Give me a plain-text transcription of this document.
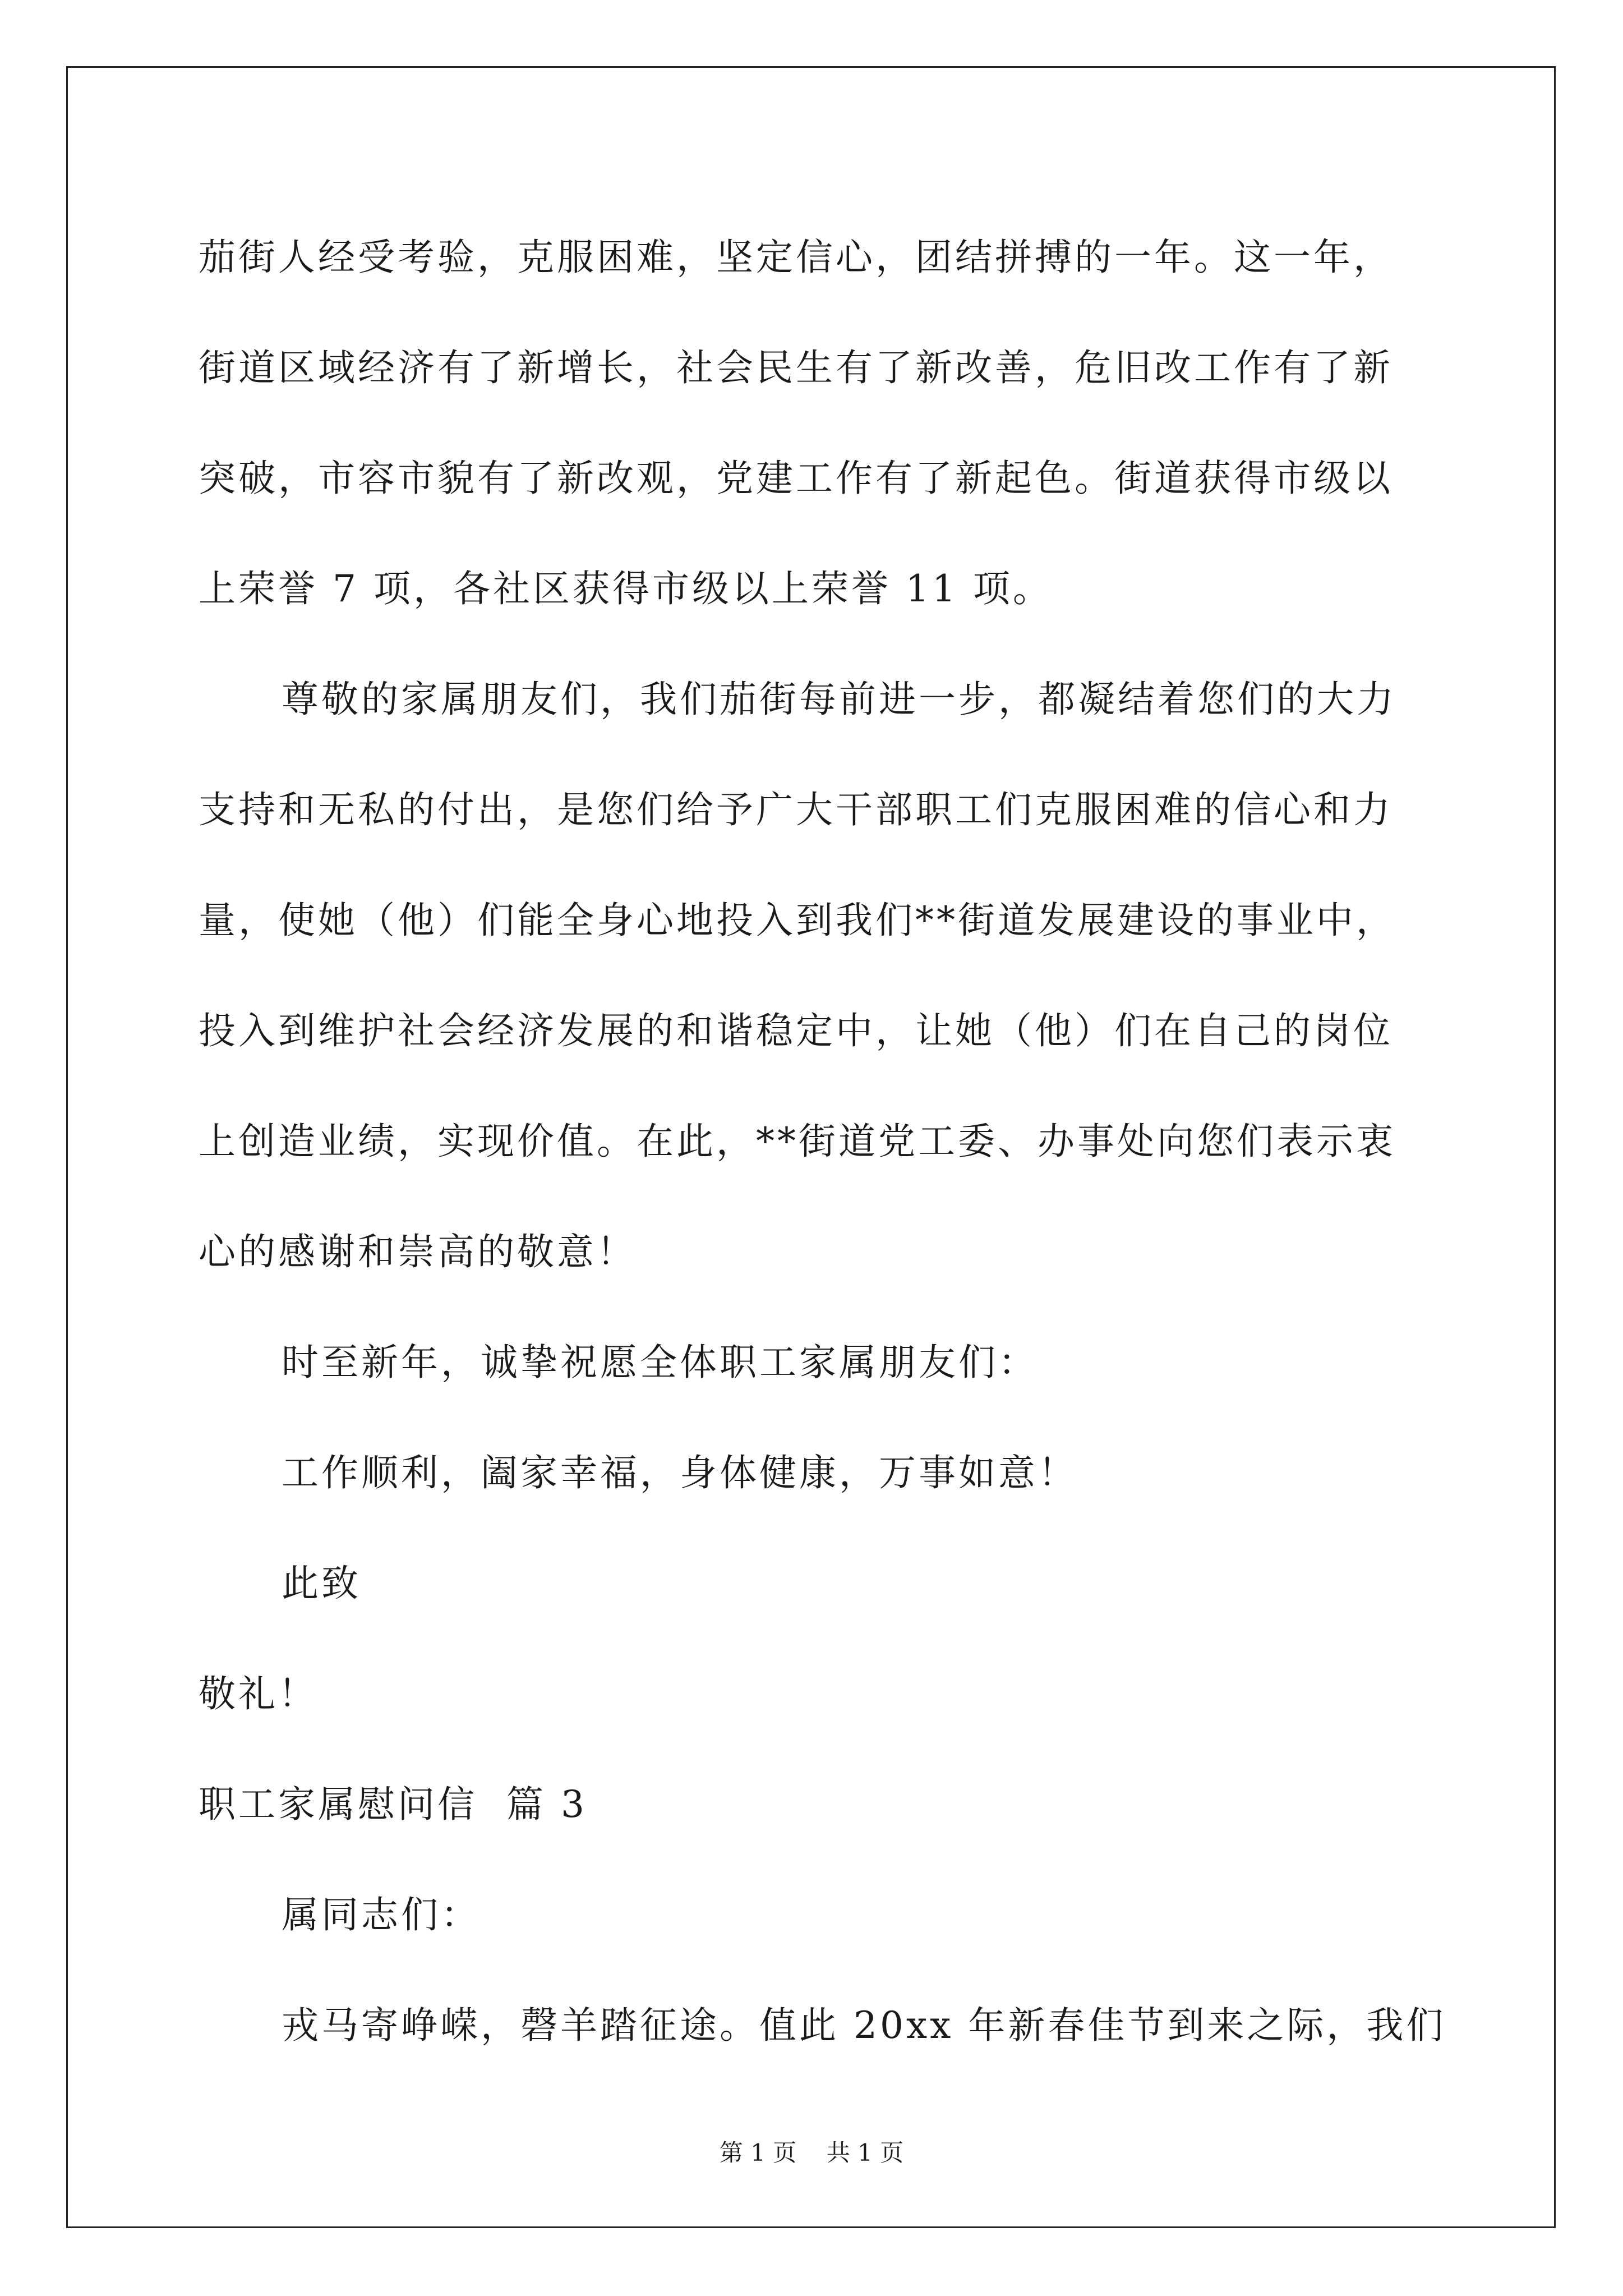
茄街人经受考验，克服困难，坚定信心，团结拼搏的一年。这一年，
街道区域经济有了新增长，社会民生有了新改善，危旧改工作有了新
突破，市容市貌有了新改观，党建工作有了新起色。街道获得市级以
上荣誉 7 项，各社区获得市级以上荣誉 11 项。
尊敬的家属朋友们，我们茄街每前进一步，都凝结着您们的大力
支持和无私的付出，是您们给予广大干部职工们克服困难的信心和力
量，使她（他）们能全身心地投入到我们**街道发展建设的事业中，
投入到维护社会经济发展的和谐稳定中，让她（他）们在自己的岗位
上创造业绩，实现价值。在此，**街道党工委、办事处向您们表示衷
心的感谢和崇高的敬意！
时至新年，诚挚祝愿全体职工家属朋友们：
工作顺利，阖家幸福，身体健康，万事如意！
此致
敬礼！
职工家属慰问信  篇 3
属同志们：
戎马寄峥嵘，磬羊踏征途。值此 20xx 年新春佳节到来之际，我们
第 1 页    共 1 页
